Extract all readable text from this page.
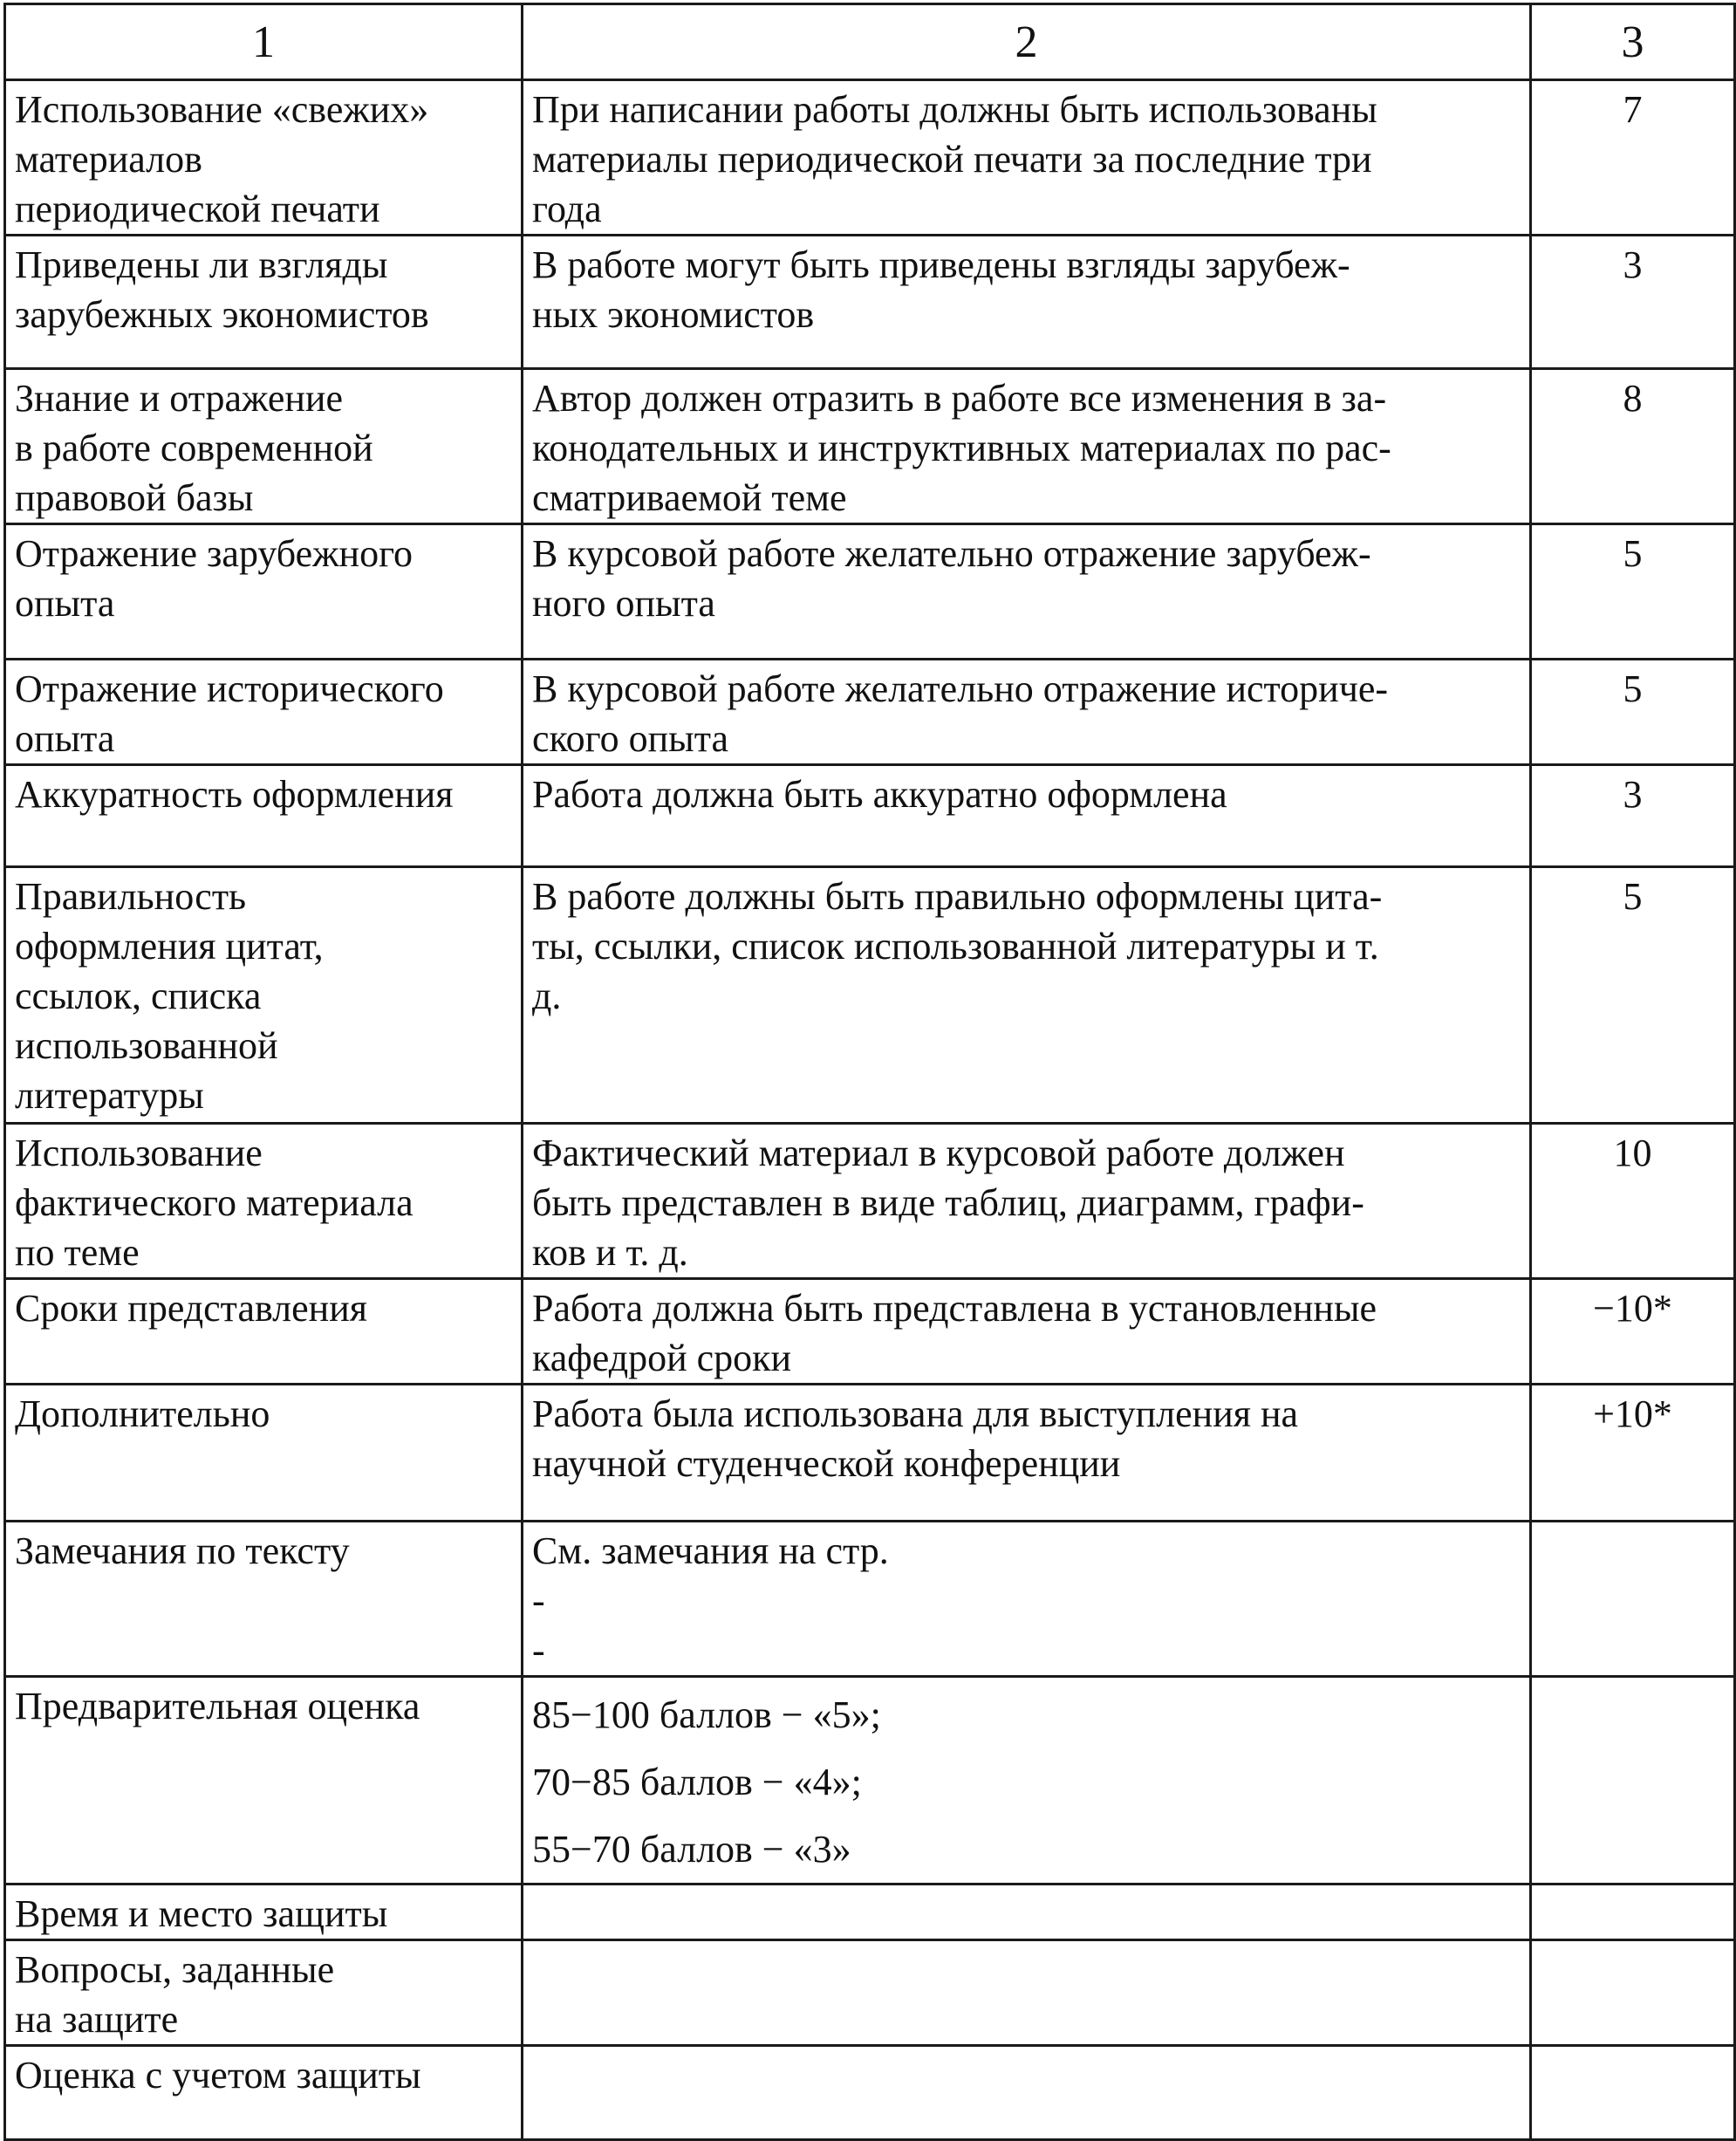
1	2	3

Использование «свежих»
материалов
периодической печати	При написании работы должны быть использованы
материалы периодической печати за последние три
года	7

Приведены ли взгляды
зарубежных экономистов	В работе могут быть приведены взгляды зарубеж-
ных экономистов	3

Знание и отражение
в работе современной
правовой базы	Автор должен отразить в работе все изменения в за-
конодательных и инструктивных материалах по рас-
сматриваемой теме	8

Отражение зарубежного
опыта	В курсовой работе желательно отражение зарубеж-
ного опыта	5

Отражение исторического
опыта	В курсовой работе желательно отражение историче-
ского опыта	5

Аккуратность оформления	Работа должна быть аккуратно оформлена	3

Правильность
оформления цитат,
ссылок, списка
использованной
литературы	В работе должны быть правильно оформлены цита-
ты, ссылки, список использованной литературы и т.
д.	5

Использование
фактического материала
по теме	Фактический материал в курсовой работе должен
быть представлен в виде таблиц, диаграмм, графи-
ков и т. д.	10

Сроки представления	Работа должна быть представлена в установленные
кафедрой сроки	−10*

Дополнительно	Работа была использована для выступления на
научной студенческой конференции	+10*

Замечания по тексту	См. замечания на стр.
-
-	

Предварительная оценка	85−100 баллов − «5»;
70−85 баллов − «4»;
55−70 баллов − «3»	

Время и место защиты		

Вопросы, заданные
на защите		

Оценка с учетом защиты		
